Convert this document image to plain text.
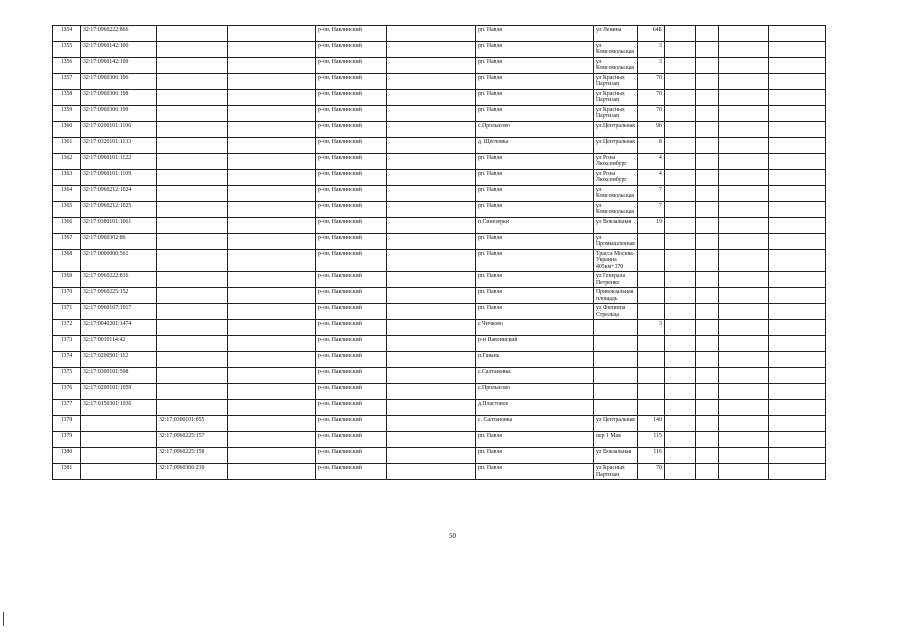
1354	32:17:0960222:866			р-он. Навлинский		рп. Навля	ул Ленина	64Б				
1355	32:17:0960142:100			р-он. Навлинский		рп. Навля	ул Комсомольская	3				
1356	32:17:0960142:109			р-он. Навлинский		рп. Навля	ул Комсомольская	3				
1357	32:17:0960306:196			р-он. Навлинский		рп. Навля	ул Красных Партизан	70				
1358	32:17:0960306:198			р-он. Навлинский		рп. Навля	ул Красных Партизан	70				
1359	32:17:0960306:199			р-он. Навлинский		рп. Навля	ул Красных Партизан	70				
1360	32:17:0200101:1196			р-он. Навлинский		с.Пролысово	ул.Центральная	96				
1361	32:17:0320101:1133			р-он. Навлинский		д. Щегловка	ул Центральная	8				
1362	32:17:0960101:1122			р-он. Навлинский		рп. Навля	ул Розы Люксембург	4				
1363	32:17:0960101:1109			р-он. Навлинский		рп. Навля	ул Розы Люксембург	4				
1364	32:17:0960212:1024			р-он. Навлинский		рп. Навля	ул Комсомольская	7				
1365	32:17:0960212:1025			р-он. Навлинский		рп. Навля	ул Комсомольская	7				
1366	32:17:0380101:1061			р-он. Навлинский		п.Синезерки	ул Вокзальная	19				
1367	32:17:0960302:86			р-он. Навлинский		рп. Навля	ул Промышленная					
1368	32:17:0000000:561			р-он. Навлинский		рп. Навля	Трасса Москва-Украина 405км+370					
1369	32:17:0960222:816			р-он. Навлинский		рп. Навля	ул Генерала Петренко					
1370	32:17:0960225:152			р-он. Навлинский		рп. Навля	Привокзальная площадь					
1371	32:17:0960107:1017			р-он. Навлинский		рп. Навля	ул Филиппа Стрельца					
1372	32:17:0040201:1474			р-он. Навлинский		с Чичково		3				
1373	32:17:0010114:42			р-он. Навлинский		р-н Навлинский						
1374	32:17:0200501:112			р-он. Навлинский		п.Гавань						
1375	32:17:0300101:598			р-он. Навлинский		с.Салтановка						
1376	32:17:0200101:1059			р-он. Навлинский		с.Пролысово						
1377	32:17:0150301:1036			р-он. Навлинский		д.Пластовое						
1378		32:17:0300101:855		р-он. Навлинский		с. Салтановка	ул Центральная	140				
1379		32:17:0960225:157		р-он. Навлинский		рп. Навля	пер 1 Мая	115				
1380		32:17:0960225:158		р-он. Навлинский		рп. Навля	ул Вокзальная	116				
1381		32:17:0960306:210		р-он. Навлинский		рп. Навля	ул Красных Партизан	70				
50
